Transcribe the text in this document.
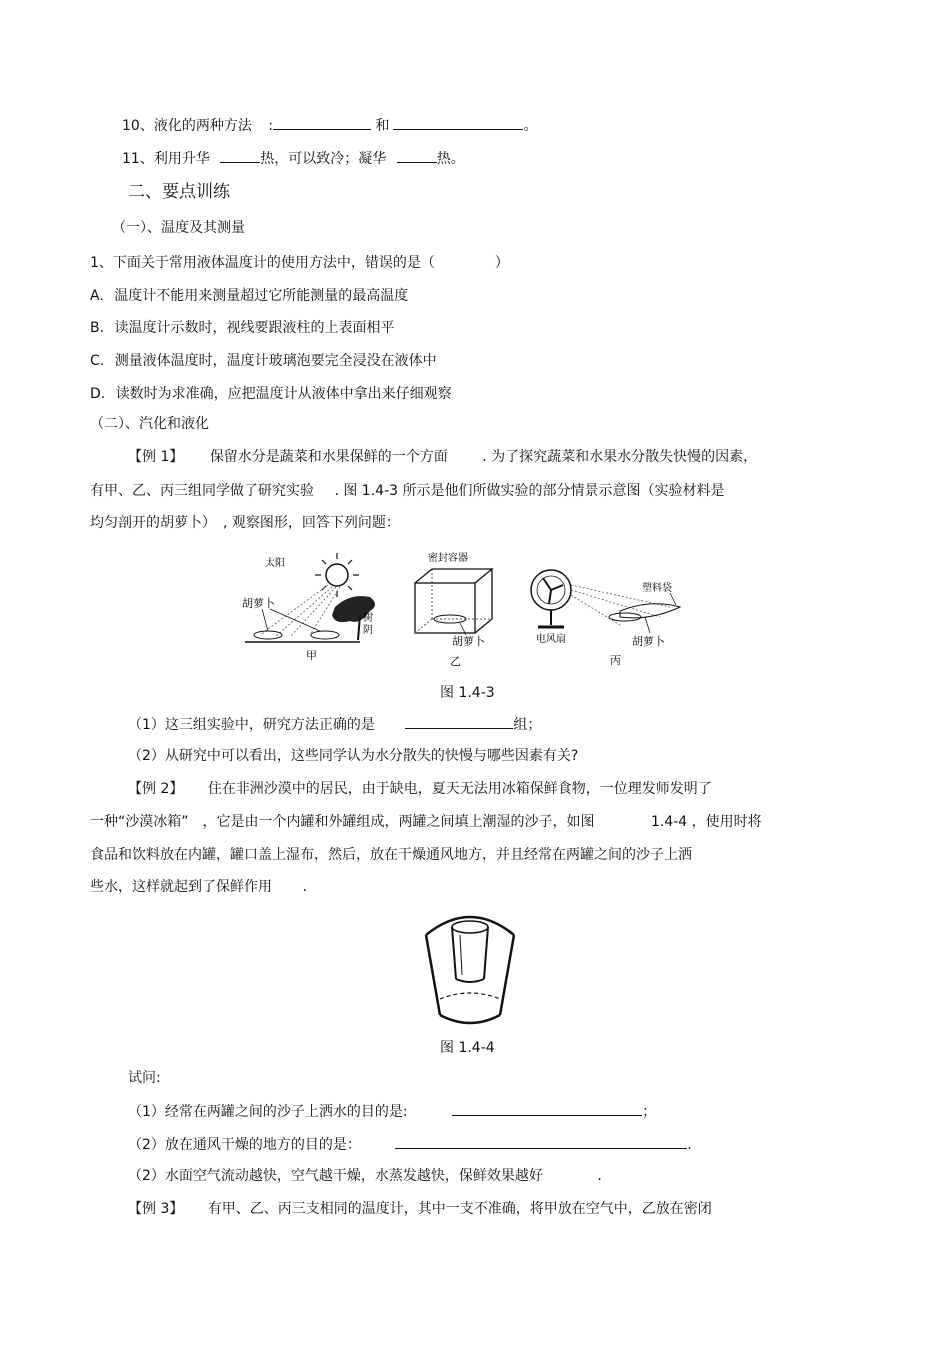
10、液化的两种方法 :	和	。
11、利用升华	热，可以致冷；凝华	热。
二、要点训练
（一）、温度及其测量
1、下面关于常用液体温度计的使用方法中，错误的是（	）
A. 温度计不能用来测量超过它所能测量的最高温度
B. 读温度计示数时，视线要跟液柱的上表面相平
C. 测量液体温度时，温度计玻璃泡要完全浸没在液体中
D. 读数时为求准确，应把温度计从液体中拿出来仔细观察
（二）、汽化和液化
【例 1】 保留水分是蔬菜和水果保鲜的一个方面 . 为了探究蔬菜和水果水分散失快慢的因素，
有甲、乙、丙三组同学做了研究实验 . 图 1.4-3 所示是他们所做实验的部分情景示意图（实验材料是
均匀剖开的胡萝卜）　, 观察图形，回答下列问题：
太阳
胡萝卜
树
阴
甲
密封容器
胡萝卜
乙
塑料袋
电风扇	胡萝卜
丙
图 1.4-3
（1）这三组实验中，研究方法正确的是	组；
（2）从研究中可以看出，这些同学认为水分散失的快慢与哪些因素有关?
【例 2】 住在非洲沙漠中的居民，由于缺电，夏天无法用冰箱保鲜食物，一位理发师发明了
一种“沙漠冰箱”　，它是由一个内罐和外罐组成，两罐之间填上潮湿的沙子，如图	1.4-4 ，使用时将
食品和饮料放在内罐，罐口盖上湿布，然后，放在干燥通风地方，并且经常在两罐之间的沙子上洒
些水，这样就起到了保鲜作用 .
图 1.4-4
试问:
（1）经常在两罐之间的沙子上洒水的目的是:	；
（2）放在通风干燥的地方的目的是：	.
（2）水面空气流动越快，空气越干燥，水蒸发越快，保鲜效果越好	.
【例 3】 有甲、乙、丙三支相同的温度计，其中一支不准确，将甲放在空气中，乙放在密闭
